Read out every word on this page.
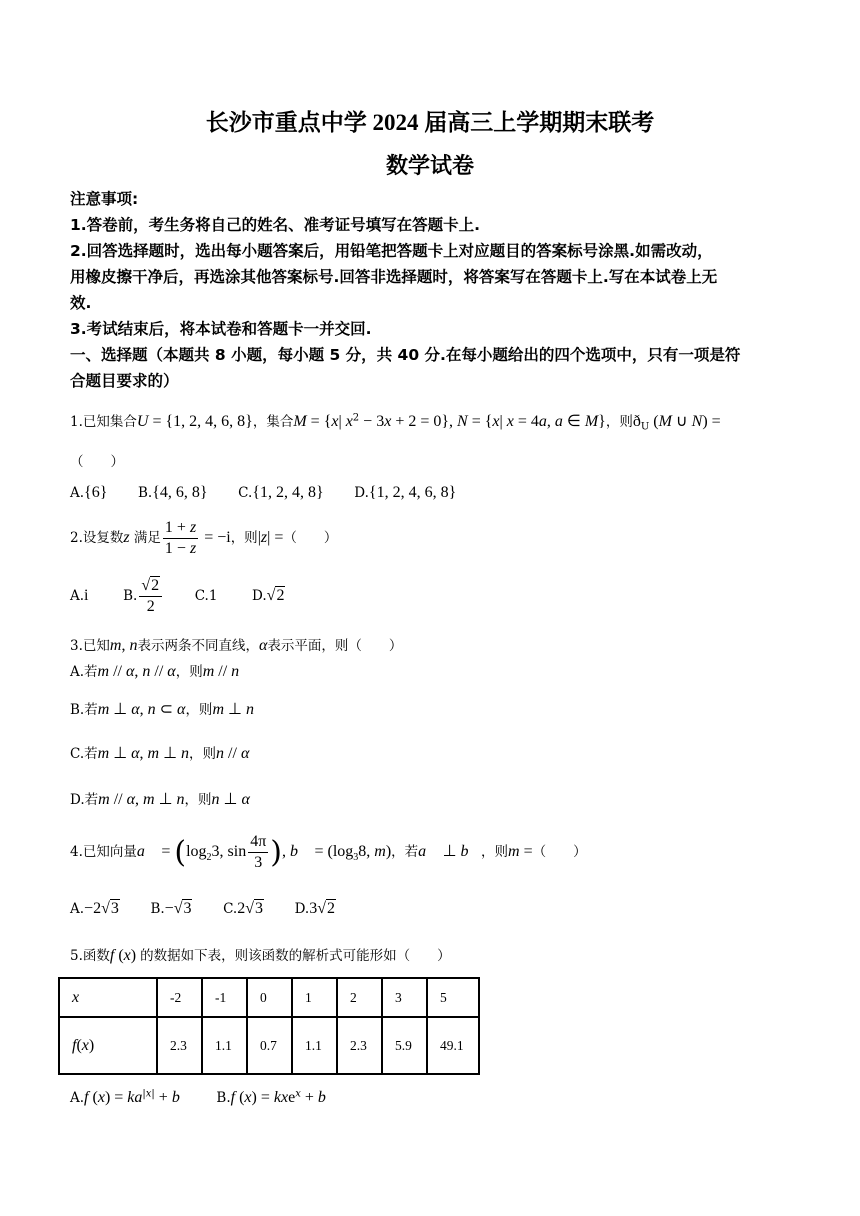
长沙市重点中学 2024 届高三上学期期末联考
数学试卷

注意事项:

1.答卷前，考生务将自己的姓名、准考证号填写在答题卡上.

2.回答选择题时，选出每小题答案后，用铅笔把答题卡上对应题目的答案标号涂黑.如需改动，

用橡皮擦干净后，再选涂其他答案标号.回答非选择题时，将答案写在答题卡上.写在本试卷上无

效.

3.考试结束后，将本试卷和答题卡一并交回.

一、选择题（本题共 8 小题，每小题 5 分，共 40 分.在每小题给出的四个选项中，只有一项是符

合题目要求的）

1.已知集合U = {1, 2, 4, 6, 8}，集合M = {x| $x^2 - 3x + 2 = 0$}, N = {x| x = 4a, a ∈ M}，则$ð_U$ (M ∪ N) =
（　　）
A.{6} B.{4, 6, 8} C.{1, 2, 4, 8} D.{1, 2, 4, 6, 8}
2.设复数z 满足 $\frac{1 + z}{1 - z} = -i$，则|z| =（　　）
A.i	B. $\frac{√2}{2} C.1$	D.√2
3.已知m, n表示两条不同直线，α表示平面，则（　　）
A.若m // α, n // α，则m // n
B.若m ⊥ α, n ⊂ α，则m ⊥ n
C.若m ⊥ α, m ⊥ n，则n // α
D.若m // α, m ⊥ n，则n ⊥ α
4.已知向量a⃗ = ($\log_23$, $\sin \frac{4\pi}{3}$ ), b⃗ = ($\log_38$, m)，若a⃗ ⊥ b⃗，则m =（　　）
A.−2√3 B.−√3 C.2√3 D.3√2
5.函数f (x) 的数据如下表，则该函数的解析式可能形如（　　）
x	-2	-1	0	1	2	3	5
f(x)	2.3	1.1	0.7	1.1	2.3	5.9	49.1
A.f $(x) = ka^{|x|} + b$	B.f (x) = kxe$^x$ + b
